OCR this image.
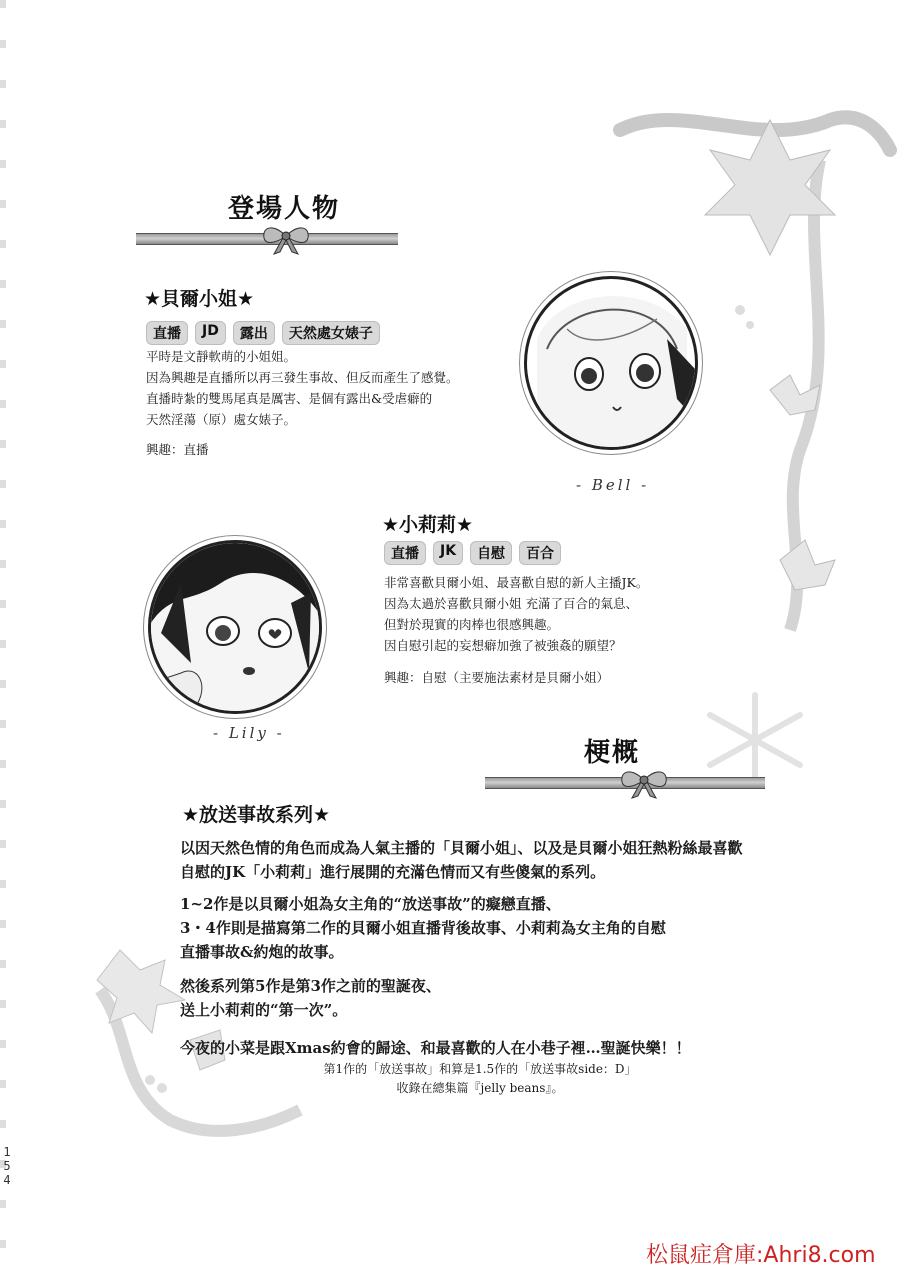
登場人物
★貝爾小姐★
直播	JD	露出	天然處女婊子

平時是文靜軟萌的小姐姐。

因為興趣是直播所以再三發生事故、但反而產生了感覺。

直播時紮的雙馬尾真是厲害、是個有露出&受虐癖的

天然淫蕩（原）處女婊子。

興趣：直播
- Bell -
★小莉莉★
直播	JK	自慰	百合

非常喜歡貝爾小姐、最喜歡自慰的新人主播JK。

因為太過於喜歡貝爾小姐 充滿了百合的氣息、

但對於現實的肉棒也很感興趣。

因自慰引起的妄想癖加強了被強姦的願望？

興趣：自慰（主要施法素材是貝爾小姐）
- Lily -
梗概
★放送事故系列★

以因天然色情的角色而成為人氣主播的「貝爾小姐」、以及是貝爾小姐狂熱粉絲最喜歡

自慰的JK「小莉莉」進行展開的充滿色情而又有些傻氣的系列。

1~2作是以貝爾小姐為女主角的“放送事故”的癡戀直播、

3・4作則是描寫第二作的貝爾小姐直播背後故事、小莉莉為女主角的自慰

直播事故&約炮的故事。

然後系列第5作是第3作之前的聖誕夜、

送上小莉莉的“第一次”。

今夜的小菜是跟Xmas約會的歸途、和最喜歡的人在小巷子裡…聖誕快樂！！

第1作的「放送事故」和算是1.5作的「放送事故side：D」

收錄在總集篇『jelly beans』。

1
5
4
松鼠症倉庫:Ahri8.com
